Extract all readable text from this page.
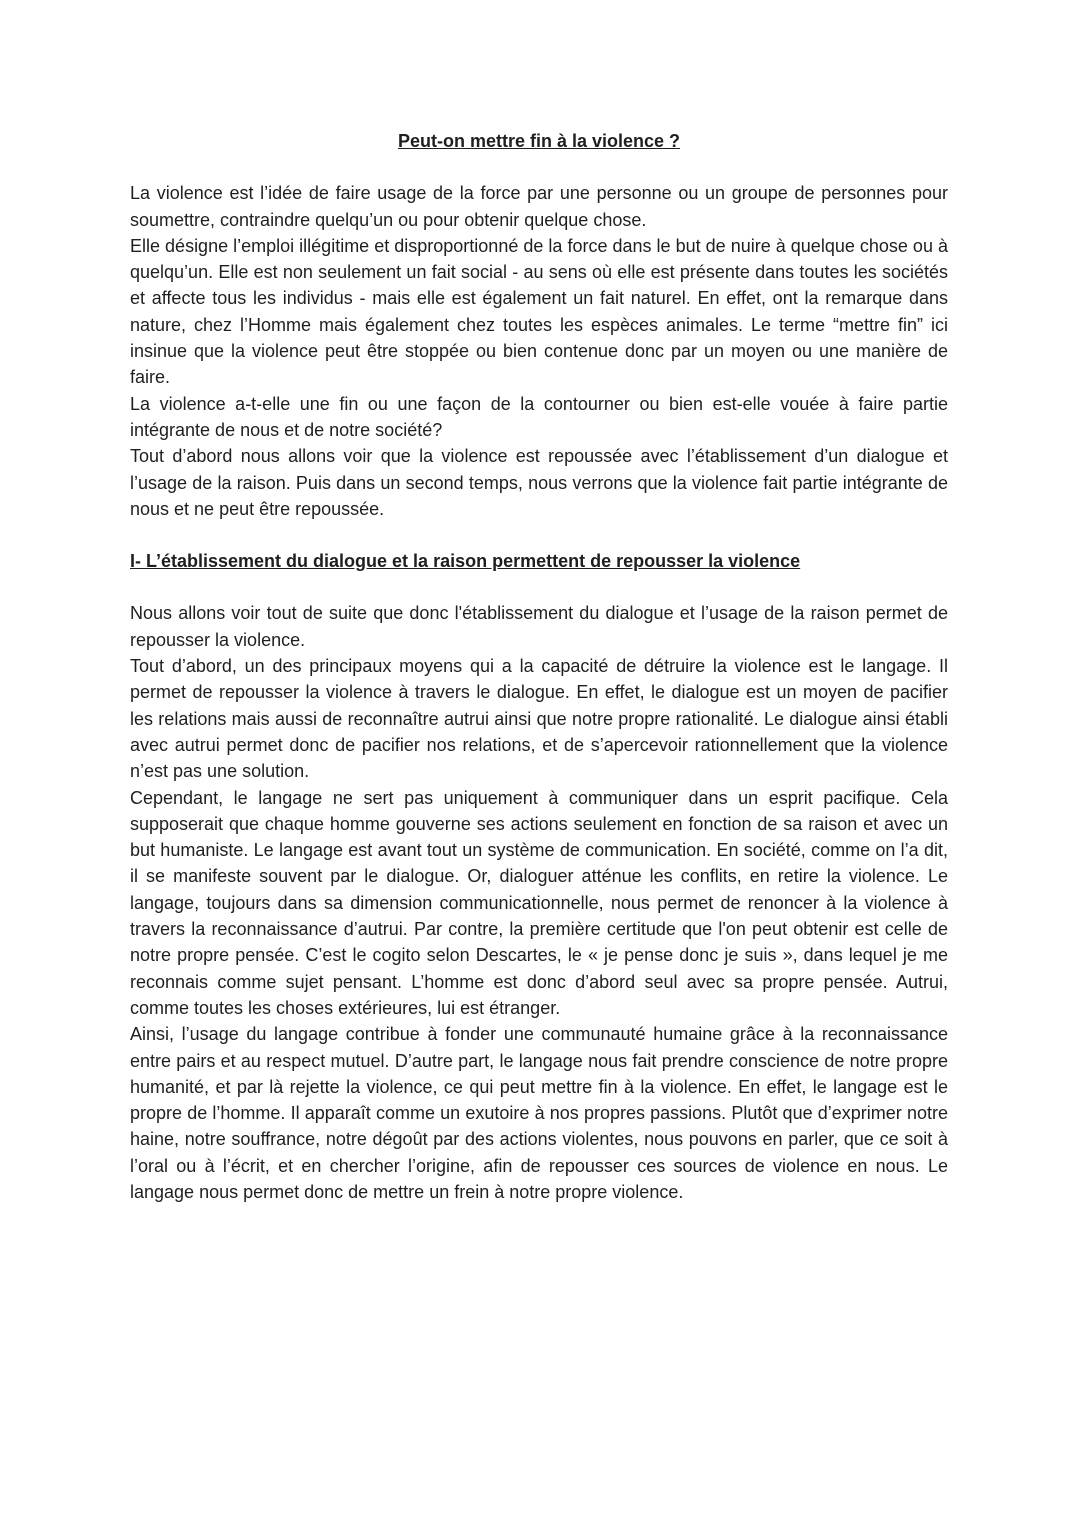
Peut-on mettre fin à la violence ?

La violence est l’idée de faire usage de la force par une personne ou un groupe de personnes pour soumettre, contraindre quelqu’un ou pour obtenir quelque chose.

Elle désigne l’emploi illégitime et disproportionné de la force dans le but de nuire à quelque chose ou à quelqu’un. Elle est non seulement un fait social - au sens où elle est présente dans toutes les sociétés et affecte tous les individus - mais elle est également un fait naturel. En effet, ont la remarque dans nature, chez l’Homme mais également chez toutes les espèces animales. Le terme “mettre fin” ici insinue que la violence peut être stoppée ou bien contenue donc par un moyen ou une manière de faire.

La violence a-t-elle une fin ou une façon de la contourner ou bien est-elle vouée à faire partie intégrante de nous et de notre société?

Tout d’abord nous allons voir que la violence est repoussée avec l’établissement d’un dialogue et l’usage de la raison. Puis dans un second temps, nous verrons que la violence fait partie intégrante de nous et ne peut être repoussée.

I- L’établissement du dialogue et la raison permettent de repousser la violence

Nous allons voir tout de suite que donc l'établissement du dialogue et l’usage de la raison permet de repousser la violence.

Tout d’abord, un des principaux moyens qui a la capacité de détruire la violence est le langage. Il permet de repousser la violence à travers le dialogue. En effet, le dialogue est un moyen de pacifier les relations mais aussi de reconnaître autrui ainsi que notre propre rationalité. Le dialogue ainsi établi avec autrui permet donc de pacifier nos relations, et de s’apercevoir rationnellement que la violence n’est pas une solution.

Cependant, le langage ne sert pas uniquement à communiquer dans un esprit pacifique. Cela supposerait que chaque homme gouverne ses actions seulement en fonction de sa raison et avec un but humaniste. Le langage est avant tout un système de communication. En société, comme on l’a dit, il se manifeste souvent par le dialogue. Or, dialoguer atténue les conflits, en retire la violence. Le langage, toujours dans sa dimension communicationnelle, nous permet de renoncer à la violence à travers la reconnaissance d’autrui. Par contre, la première certitude que l'on peut obtenir est celle de notre propre pensée. C’est le cogito selon Descartes, le « je pense donc je suis », dans lequel je me reconnais comme sujet pensant. L’homme est donc d’abord seul avec sa propre pensée. Autrui, comme toutes les choses extérieures, lui est étranger.

Ainsi, l’usage du langage contribue à fonder une communauté humaine grâce à la reconnaissance entre pairs et au respect mutuel. D’autre part, le langage nous fait prendre conscience de notre propre humanité, et par là rejette la violence, ce qui peut mettre fin à la violence. En effet, le langage est le propre de l’homme. Il apparaît comme un exutoire à nos propres passions. Plutôt que d’exprimer notre haine, notre souffrance, notre dégoût par des actions violentes, nous pouvons en parler, que ce soit à l’oral ou à l’écrit, et en chercher l’origine, afin de repousser ces sources de violence en nous. Le langage nous permet donc de mettre un frein à notre propre violence.
